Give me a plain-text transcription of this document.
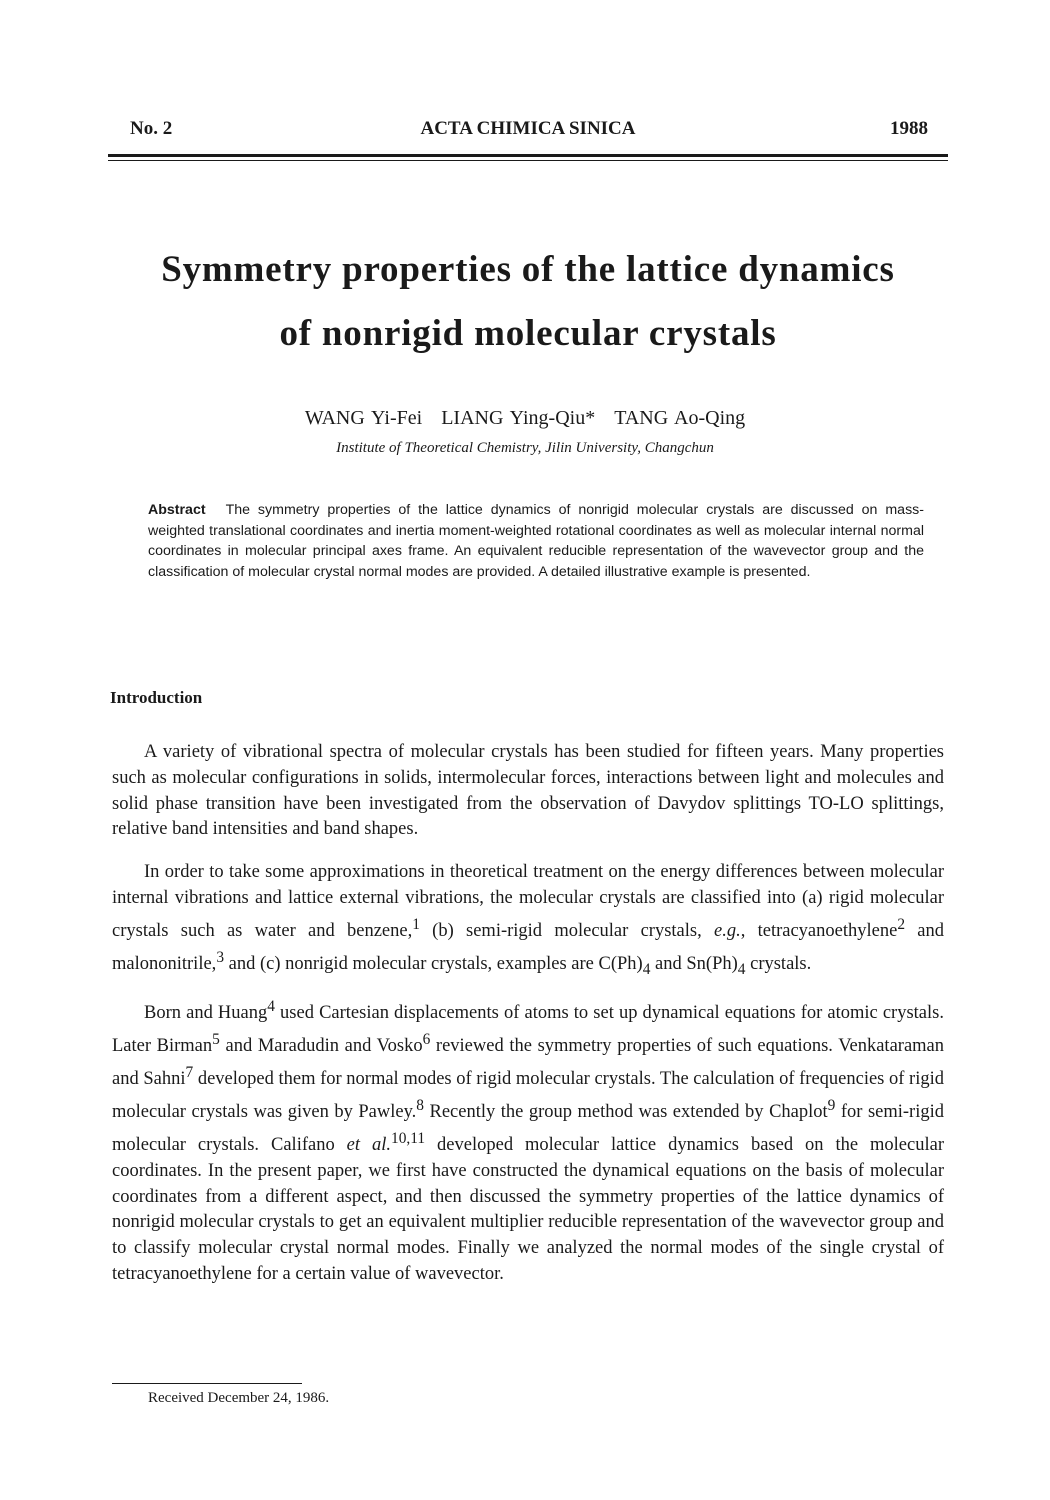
No. 2	ACTA CHIMICA SINICA	1988
Symmetry properties of the lattice dynamics
of nonrigid molecular crystals
WANG Yi-Fei LIANG Ying-Qiu* TANG Ao-Qing
Institute of Theoretical Chemistry, Jilin University, Changchun
Abstract The symmetry properties of the lattice dynamics of nonrigid molecular crystals are discussed on mass-weighted translational coordinates and inertia moment-weighted rotational coordinates as well as molecular internal normal coordinates in molecular principal axes frame. An equivalent reducible representation of the wavevector group and the classification of molecular crystal normal modes are provided. A detailed illustrative example is presented.
Introduction
A variety of vibrational spectra of molecular crystals has been studied for fifteen years. Many properties such as molecular configurations in solids, intermolecular forces, interactions between light and molecules and solid phase transition have been investigated from the observation of Davydov splittings TO-LO splittings, relative band intensities and band shapes.
In order to take some approximations in theoretical treatment on the energy differences between molecular internal vibrations and lattice external vibrations, the molecular crystals are classified into (a) rigid molecular crystals such as water and benzene,$^1$ (b) semi-rigid molecular crystals, e.g., tetracyanoethylene$^2$ and malononitrile,$^3$ and (c) nonrigid molecular crystals, examples are $C(Ph)_4$ and $Sn(Ph)_4$ crystals.
Born and Huang$^4$ used Cartesian displacements of atoms to set up dynamical equations for atomic crystals. Later Birman$^5$ and Maradudin and Vosko$^6$ reviewed the symmetry properties of such equations. Venkataraman and Sahni$^7$ developed them for normal modes of rigid molecular crystals. The calculation of frequencies of rigid molecular crystals was given by Pawley.$^8$ Recently the group method was extended by Chaplot$^9$ for semi-rigid molecular crystals. Califano et al.$^{10,11}$ developed molecular lattice dynamics based on the molecular coordinates. In the present paper, we first have constructed the dynamical equations on the basis of molecular coordinates from a different aspect, and then discussed the symmetry properties of the lattice dynamics of nonrigid molecular crystals to get an equivalent multiplier reducible representation of the wavevector group and to classify molecular crystal normal modes. Finally we analyzed the normal modes of the single crystal of tetracyanoethylene for a certain value of wavevector.
Received December 24, 1986.
